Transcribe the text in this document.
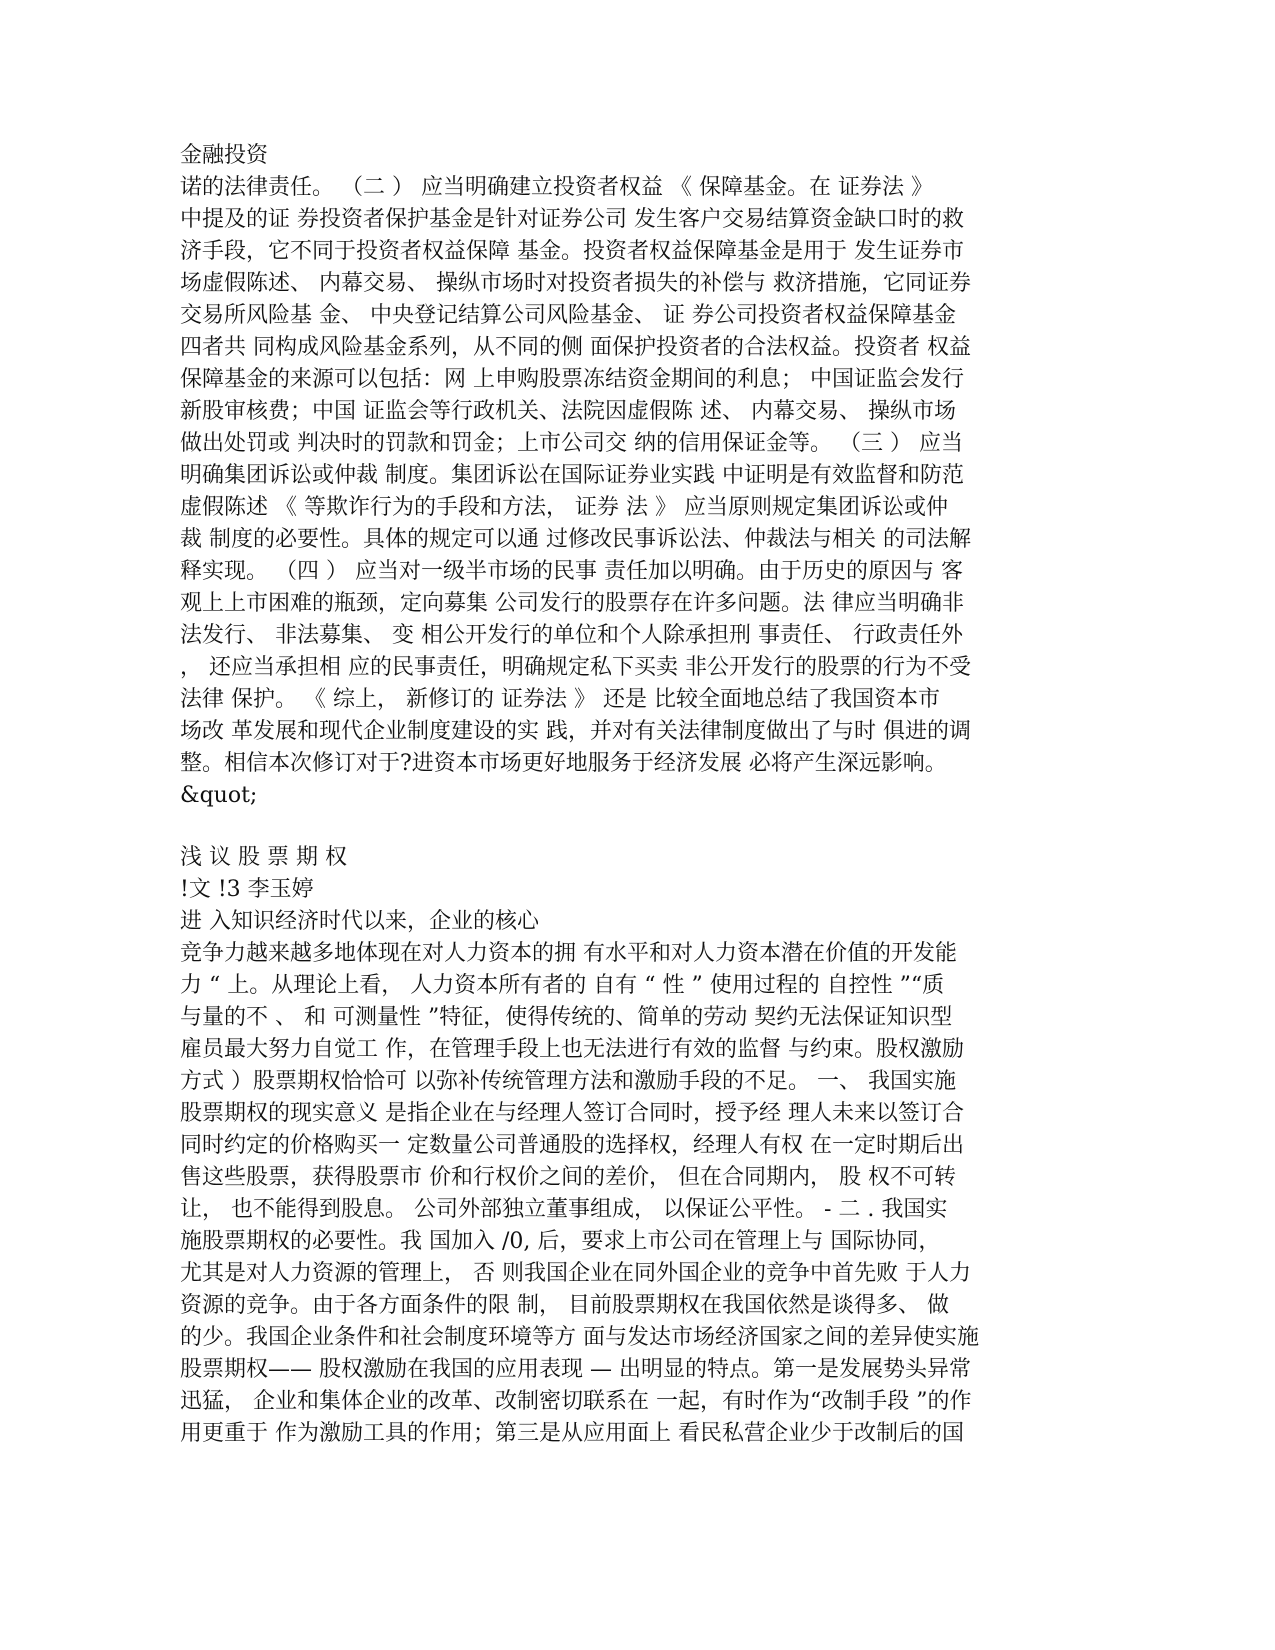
金融投资
诺的法律责任。 （二 ） 应当明确建立投资者权益 《 保障基金。在 证券法 》
中提及的证 券投资者保护基金是针对证券公司 发生客户交易结算资金缺口时的救
济手段，它不同于投资者权益保障 基金。投资者权益保障基金是用于 发生证券市
场虚假陈述、 内幕交易、 操纵市场时对投资者损失的补偿与 救济措施，它同证券
交易所风险基 金、 中央登记结算公司风险基金、 证 券公司投资者权益保障基金
四者共 同构成风险基金系列，从不同的侧 面保护投资者的合法权益。投资者 权益
保障基金的来源可以包括：网 上申购股票冻结资金期间的利息； 中国证监会发行
新股审核费；中国 证监会等行政机关、法院因虚假陈 述、 内幕交易、 操纵市场
做出处罚或 判决时的罚款和罚金；上市公司交 纳的信用保证金等。 （三 ） 应当
明确集团诉讼或仲裁 制度。集团诉讼在国际证券业实践 中证明是有效监督和防范
虚假陈述 《 等欺诈行为的手段和方法， 证券 法 》 应当原则规定集团诉讼或仲
裁 制度的必要性。具体的规定可以通 过修改民事诉讼法、仲裁法与相关 的司法解
释实现。 （四 ） 应当对一级半市场的民事 责任加以明确。由于历史的原因与 客
观上上市困难的瓶颈，定向募集 公司发行的股票存在许多问题。法 律应当明确非
法发行、 非法募集、 变 相公开发行的单位和个人除承担刑 事责任、 行政责任外
， 还应当承担相 应的民事责任，明确规定私下买卖 非公开发行的股票的行为不受
法律 保护。 《 综上， 新修订的 证券法 》 还是 比较全面地总结了我国资本市
场改 革发展和现代企业制度建设的实 践，并对有关法律制度做出了与时 俱进的调
整。相信本次修订对于?进资本市场更好地服务于经济发展 必将产生深远影响。
&quot;
浅 议 股 票 期 权
!文 !3 李玉婷
进 入知识经济时代以来，企业的核心
竞争力越来越多地体现在对人力资本的拥 有水平和对人力资本潜在价值的开发能
力 “ 上。从理论上看， 人力资本所有者的 自有 “ 性 ” 使用过程的 自控性 ”“质
与量的不 、 和 可测量性 ”特征，使得传统的、简单的劳动 契约无法保证知识型
雇员最大努力自觉工 作，在管理手段上也无法进行有效的监督 与约束。股权激励
方式 ）股票期权恰恰可 以弥补传统管理方法和激励手段的不足。 一、 我国实施
股票期权的现实意义 是指企业在与经理人签订合同时，授予经 理人未来以签订合
同时约定的价格购买一 定数量公司普通股的选择权，经理人有权 在一定时期后出
售这些股票，获得股票市 价和行权价之间的差价， 但在合同期内， 股 权不可转
让， 也不能得到股息。 公司外部独立董事组成， 以保证公平性。 - 二 . 我国实
施股票期权的必要性。我 国加入 /0, 后，要求上市公司在管理上与 国际协同，
尤其是对人力资源的管理上， 否 则我国企业在同外国企业的竞争中首先败 于人力
资源的竞争。由于各方面条件的限 制， 目前股票期权在我国依然是谈得多、 做
的少。我国企业条件和社会制度环境等方 面与发达市场经济国家之间的差异使实施
股票期权—— 股权激励在我国的应用表现 — 出明显的特点。第一是发展势头异常
迅猛， 企业和集体企业的改革、改制密切联系在 一起，有时作为“改制手段 ”的作
用更重于 作为激励工具的作用；第三是从应用面上 看民私营企业少于改制后的国
